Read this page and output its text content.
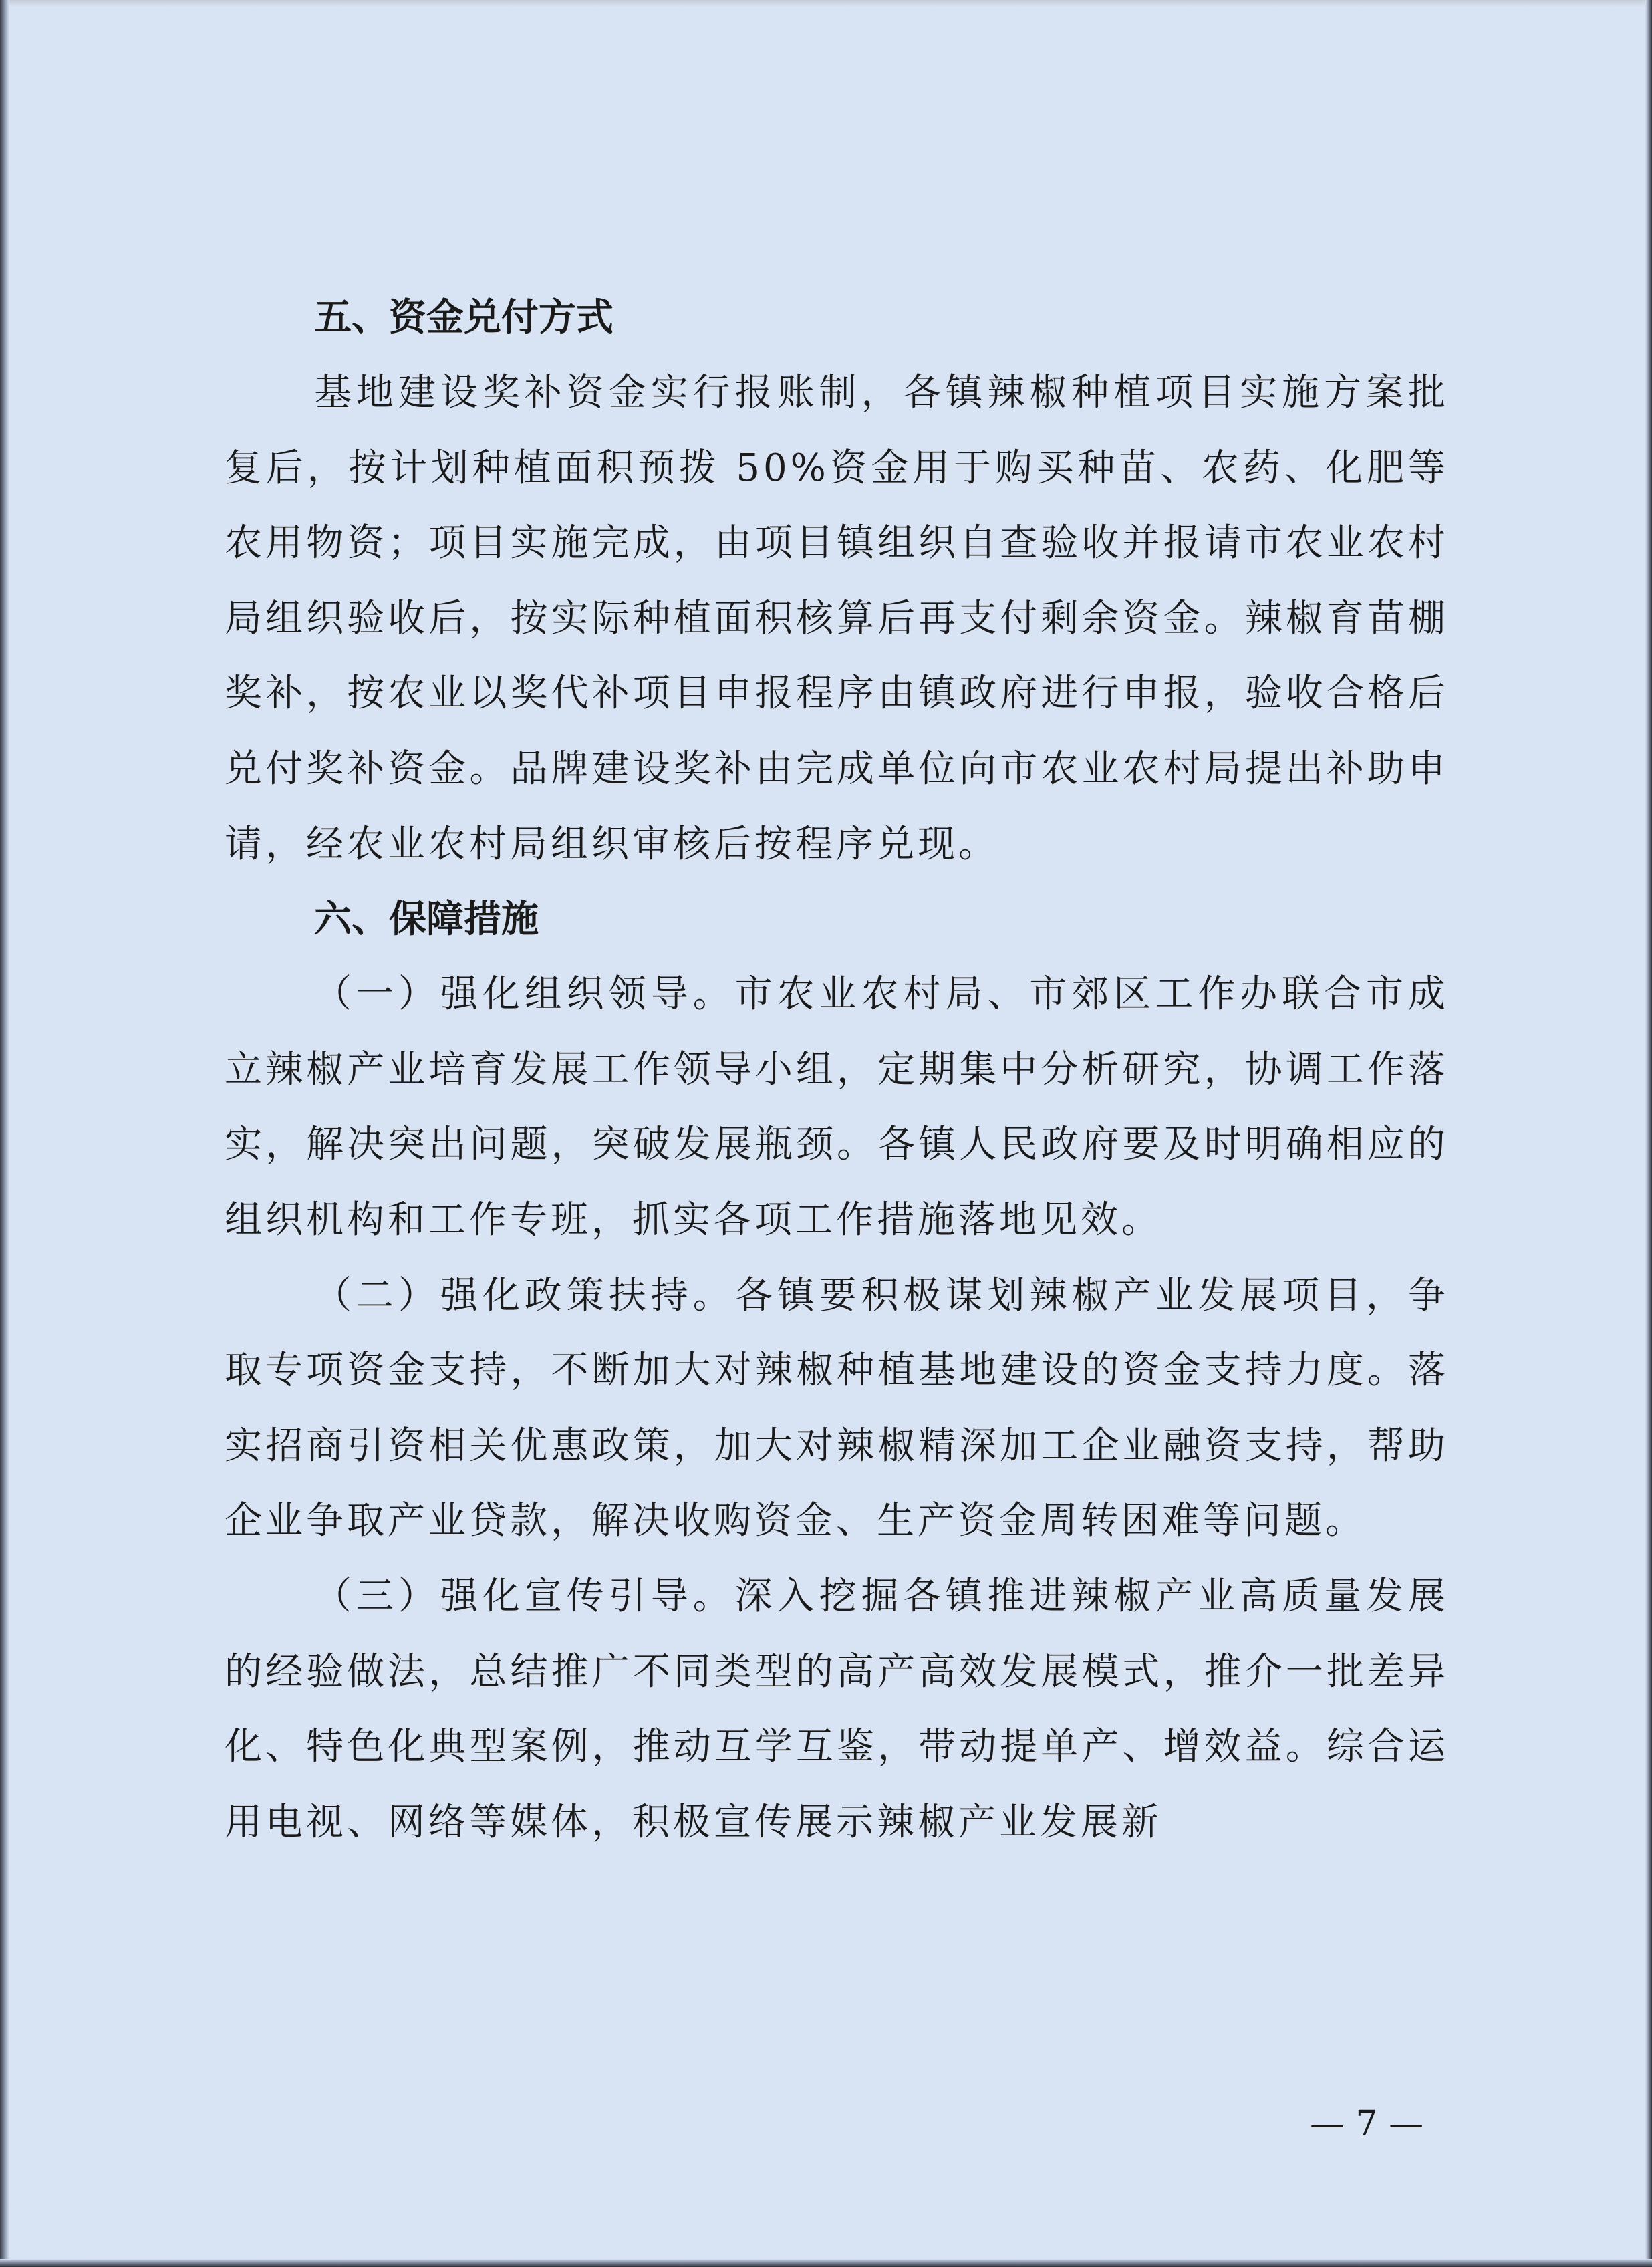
五、资金兑付方式

基地建设奖补资金实行报账制，各镇辣椒种植项目实施方案批复后，按计划种植面积预拨 50%资金用于购买种苗、农药、化肥等农用物资；项目实施完成，由项目镇组织自查验收并报请市农业农村局组织验收后，按实际种植面积核算后再支付剩余资金。辣椒育苗棚奖补，按农业以奖代补项目申报程序由镇政府进行申报，验收合格后兑付奖补资金。品牌建设奖补由完成单位向市农业农村局提出补助申请，经农业农村局组织审核后按程序兑现。

六、保障措施

（一）强化组织领导。市农业农村局、市郊区工作办联合市成立辣椒产业培育发展工作领导小组，定期集中分析研究，协调工作落实，解决突出问题，突破发展瓶颈。各镇人民政府要及时明确相应的组织机构和工作专班，抓实各项工作措施落地见效。

（二）强化政策扶持。各镇要积极谋划辣椒产业发展项目，争取专项资金支持，不断加大对辣椒种植基地建设的资金支持力度。落实招商引资相关优惠政策，加大对辣椒精深加工企业融资支持，帮助企业争取产业贷款，解决收购资金、生产资金周转困难等问题。

（三）强化宣传引导。深入挖掘各镇推进辣椒产业高质量发展的经验做法，总结推广不同类型的高产高效发展模式，推介一批差异化、特色化典型案例，推动互学互鉴，带动提单产、增效益。综合运用电视、网络等媒体，积极宣传展示辣椒产业发展新

— 7 —
